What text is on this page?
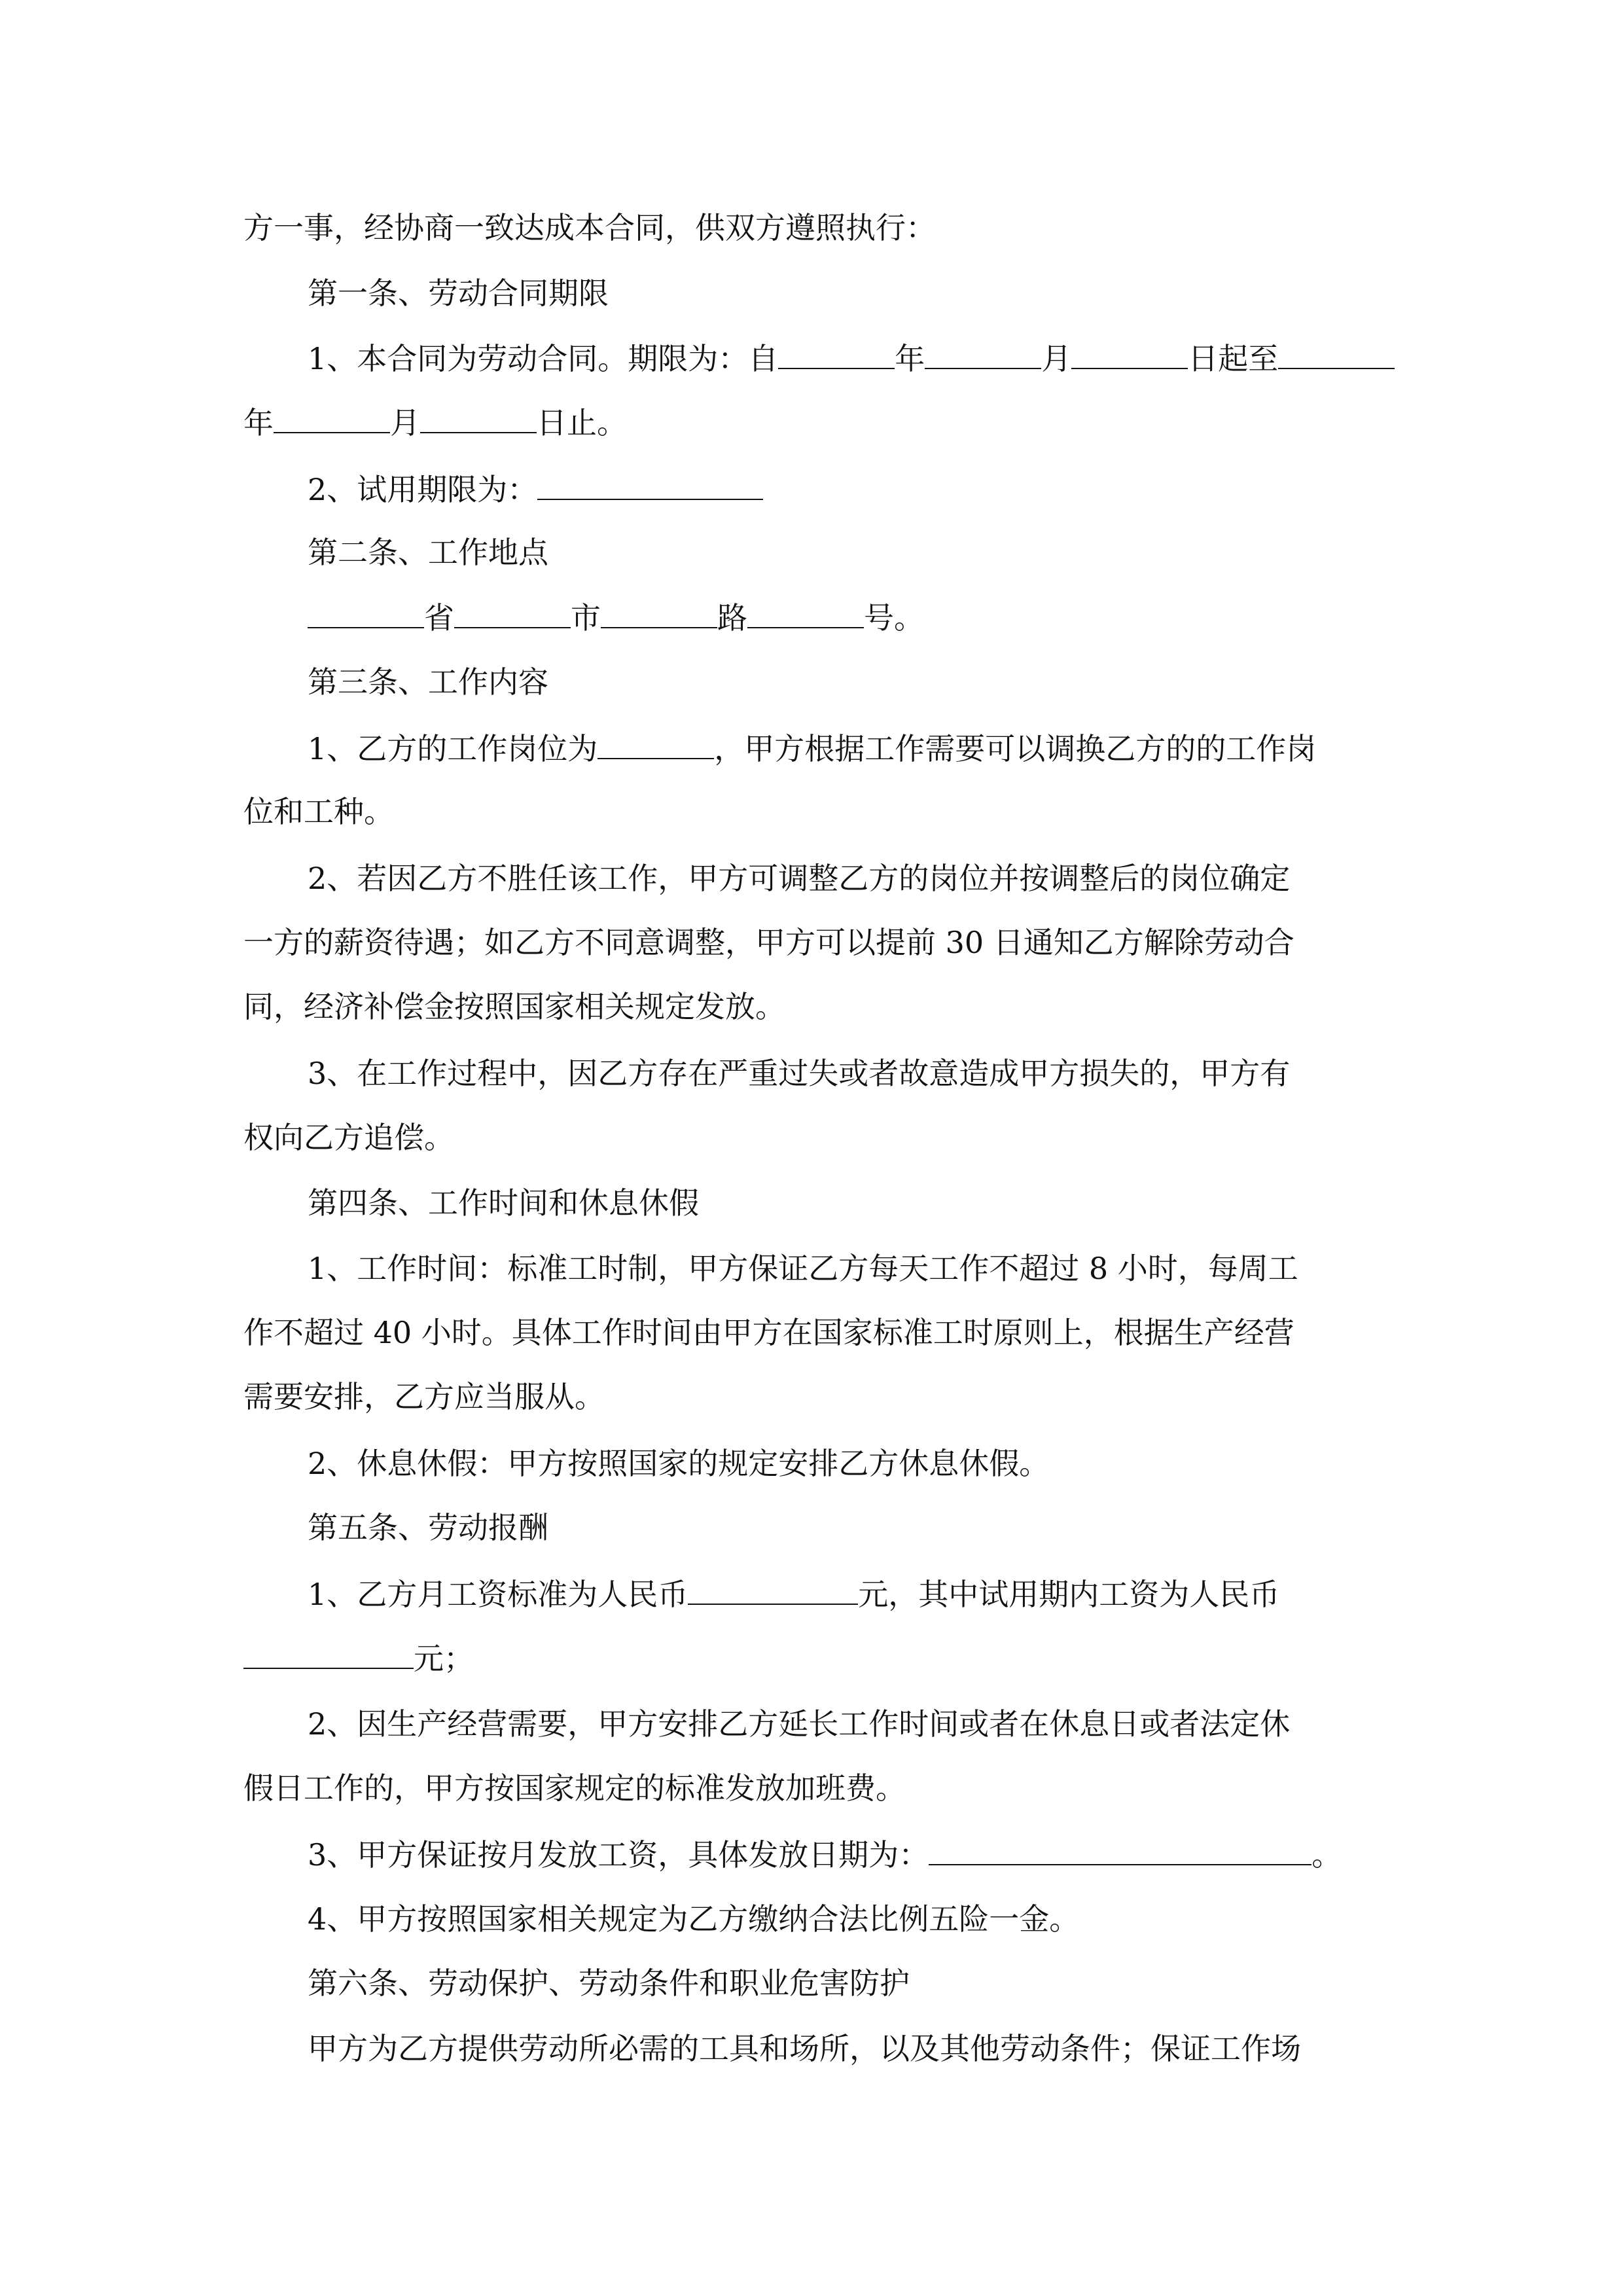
方一事，经协商一致达成本合同，供双方遵照执行：
第一条、劳动合同期限
1、本合同为劳动合同。期限为：自	年	月	日起至
年	月	日止。
2、试用期限为：
第二条、工作地点
省	市	路	号。
第三条、工作内容
1、乙方的工作岗位为	，甲方根据工作需要可以调换乙方的的工作岗
位和工种。
2、若因乙方不胜任该工作，甲方可调整乙方的岗位并按调整后的岗位确定
一方的薪资待遇；如乙方不同意调整，甲方可以提前 30 日通知乙方解除劳动合
同，经济补偿金按照国家相关规定发放。
3、在工作过程中，因乙方存在严重过失或者故意造成甲方损失的，甲方有
权向乙方追偿。
第四条、工作时间和休息休假
1、工作时间：标准工时制，甲方保证乙方每天工作不超过 8 小时，每周工
作不超过 40 小时。具体工作时间由甲方在国家标准工时原则上，根据生产经营
需要安排，乙方应当服从。
2、休息休假：甲方按照国家的规定安排乙方休息休假。
第五条、劳动报酬
1、乙方月工资标准为人民币	元，其中试用期内工资为人民币
元；
2、因生产经营需要，甲方安排乙方延长工作时间或者在休息日或者法定休
假日工作的，甲方按国家规定的标准发放加班费。
3、甲方保证按月发放工资，具体发放日期为：	。
4、甲方按照国家相关规定为乙方缴纳合法比例五险一金。
第六条、劳动保护、劳动条件和职业危害防护
甲方为乙方提供劳动所必需的工具和场所，以及其他劳动条件；保证工作场
